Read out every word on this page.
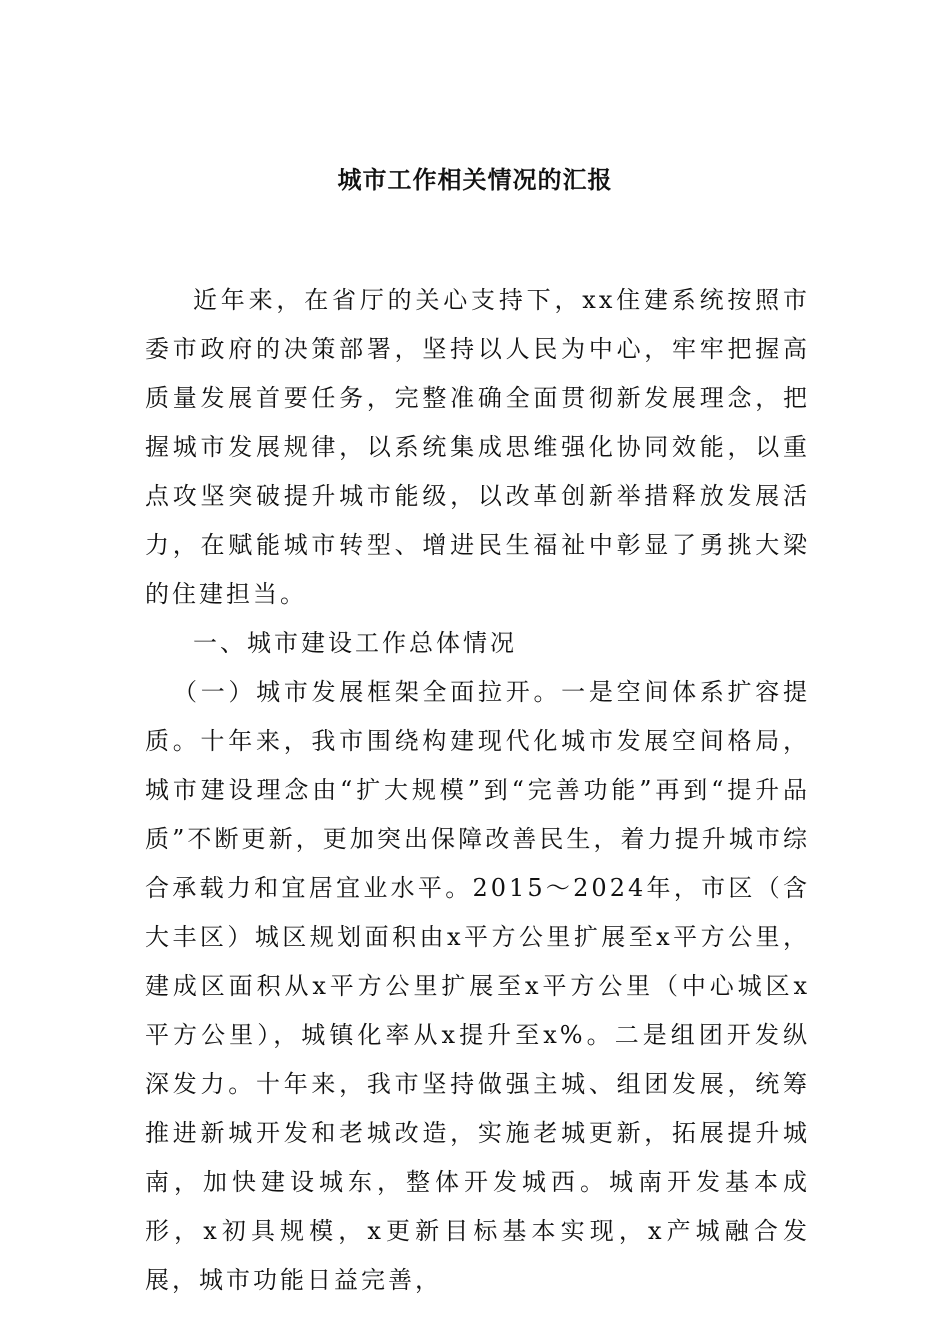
城市工作相关情况的汇报

近年来，在省厅的关心支持下，xx住建系统按照市委市政府的决策部署，坚持以人民为中心，牢牢把握高质量发展首要任务，完整准确全面贯彻新发展理念，把握城市发展规律，以系统集成思维强化协同效能，以重点攻坚突破提升城市能级，以改革创新举措释放发展活力，在赋能城市转型、增进民生福祉中彰显了勇挑大梁的住建担当。

一、城市建设工作总体情况

（一）城市发展框架全面拉开。一是空间体系扩容提质。十年来，我市围绕构建现代化城市发展空间格局，城市建设理念由“扩大规模”到“完善功能”再到“提升品质”不断更新，更加突出保障改善民生，着力提升城市综合承载力和宜居宜业水平。2015～2024年，市区（含大丰区）城区规划面积由x平方公里扩展至x平方公里，建成区面积从x平方公里扩展至x平方公里（中心城区x平方公里），城镇化率从x提升至x%。二是组团开发纵深发力。十年来，我市坚持做强主城、组团发展，统筹推进新城开发和老城改造，实施老城更新，拓展提升城南，加快建设城东，整体开发城西。城南开发基本成形，x初具规模，x更新目标基本实现，x产城融合发展，城市功能日益完善，
